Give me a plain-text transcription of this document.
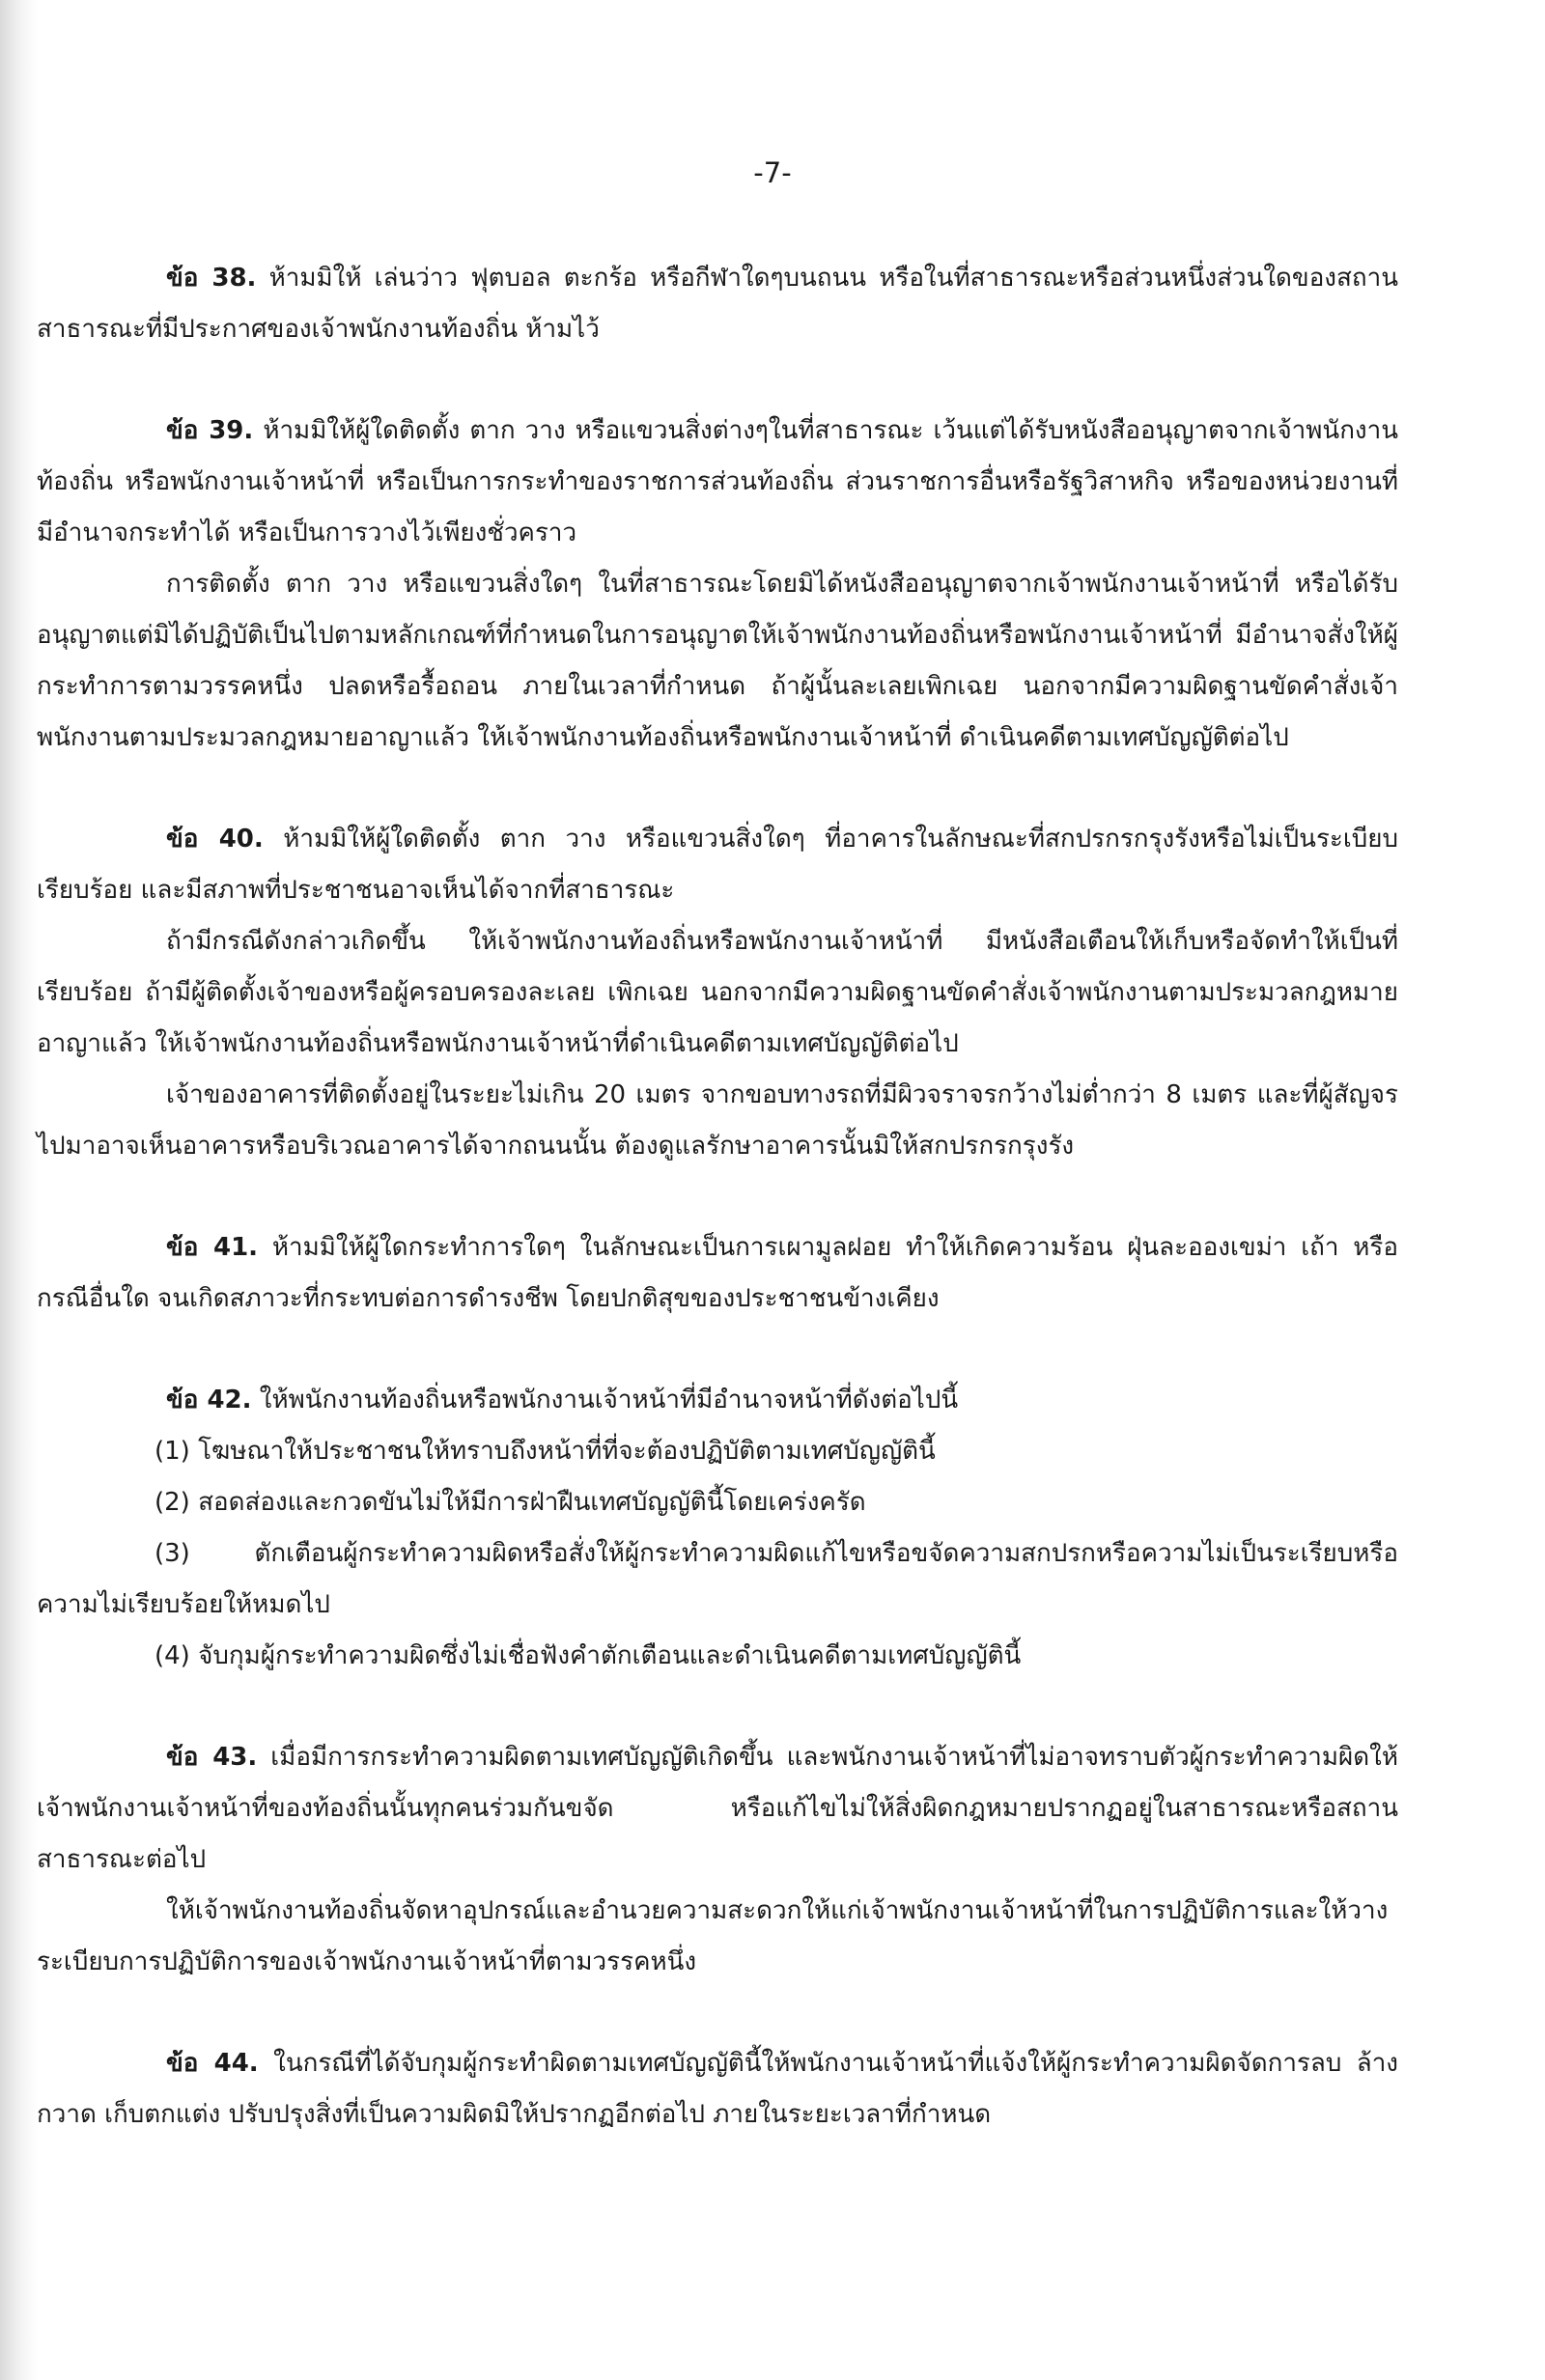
-7-

ข้อ 38. ห้ามมิให้ เล่นว่าว ฟุตบอล ตะกร้อ หรือกีฬาใดๆบนถนน หรือในที่สาธารณะหรือส่วนหนึ่งส่วนใดของสถานสาธารณะที่มีประกาศของเจ้าพนักงานท้องถิ่น ห้ามไว้

ข้อ 39. ห้ามมิให้ผู้ใดติดตั้ง ตาก วาง หรือแขวนสิ่งต่างๆในที่สาธารณะ เว้นแต่ได้รับหนังสืออนุญาตจากเจ้าพนักงานท้องถิ่น หรือพนักงานเจ้าหน้าที่ หรือเป็นการกระทำของราชการส่วนท้องถิ่น ส่วนราชการอื่นหรือรัฐวิสาหกิจ หรือของหน่วยงานที่มีอำนาจกระทำได้ หรือเป็นการวางไว้เพียงชั่วคราว

การติดตั้ง ตาก วาง หรือแขวนสิ่งใดๆ ในที่สาธารณะโดยมิได้หนังสืออนุญาตจากเจ้าพนักงานเจ้าหน้าที่ หรือได้รับอนุญาตแต่มิได้ปฏิบัติเป็นไปตามหลักเกณฑ์ที่กำหนดในการอนุญาตให้เจ้าพนักงานท้องถิ่นหรือพนักงานเจ้าหน้าที่ มีอำนาจสั่งให้ผู้กระทำการตามวรรคหนึ่ง ปลดหรือรื้อถอน ภายในเวลาที่กำหนด ถ้าผู้นั้นละเลยเพิกเฉย นอกจากมีความผิดฐานขัดคำสั่งเจ้าพนักงานตามประมวลกฎหมายอาญาแล้ว ให้เจ้าพนักงานท้องถิ่นหรือพนักงานเจ้าหน้าที่ ดำเนินคดีตามเทศบัญญัติต่อไป

ข้อ 40. ห้ามมิให้ผู้ใดติดตั้ง ตาก วาง หรือแขวนสิ่งใดๆ ที่อาคารในลักษณะที่สกปรกรกรุงรังหรือไม่เป็นระเบียบเรียบร้อย และมีสภาพที่ประชาชนอาจเห็นได้จากที่สาธารณะ

ถ้ามีกรณีดังกล่าวเกิดขึ้น ให้เจ้าพนักงานท้องถิ่นหรือพนักงานเจ้าหน้าที่ มีหนังสือเตือนให้เก็บหรือจัดทำให้เป็นที่เรียบร้อย ถ้ามีผู้ติดตั้งเจ้าของหรือผู้ครอบครองละเลย เพิกเฉย นอกจากมีความผิดฐานขัดคำสั่งเจ้าพนักงานตามประมวลกฎหมายอาญาแล้ว ให้เจ้าพนักงานท้องถิ่นหรือพนักงานเจ้าหน้าที่ดำเนินคดีตามเทศบัญญัติต่อไป

เจ้าของอาคารที่ติดตั้งอยู่ในระยะไม่เกิน 20 เมตร จากขอบทางรถที่มีผิวจราจรกว้างไม่ต่ำกว่า 8 เมตร และที่ผู้สัญจรไปมาอาจเห็นอาคารหรือบริเวณอาคารได้จากถนนนั้น ต้องดูแลรักษาอาคารนั้นมิให้สกปรกรกรุงรัง

ข้อ 41. ห้ามมิให้ผู้ใดกระทำการใดๆ ในลักษณะเป็นการเผามูลฝอย ทำให้เกิดความร้อน ฝุ่นละอองเขม่า เถ้า หรือกรณีอื่นใด จนเกิดสภาวะที่กระทบต่อการดำรงชีพ โดยปกติสุขของประชาชนข้างเคียง

ข้อ 42. ให้พนักงานท้องถิ่นหรือพนักงานเจ้าหน้าที่มีอำนาจหน้าที่ดังต่อไปนี้

(1) โฆษณาให้ประชาชนให้ทราบถึงหน้าที่ที่จะต้องปฏิบัติตามเทศบัญญัตินี้

(2) สอดส่องและกวดขันไม่ให้มีการฝ่าฝืนเทศบัญญัตินี้โดยเคร่งครัด

(3) ตักเตือนผู้กระทำความผิดหรือสั่งให้ผู้กระทำความผิดแก้ไขหรือขจัดความสกปรกหรือความไม่เป็นระเรียบหรือความไม่เรียบร้อยให้หมดไป

(4) จับกุมผู้กระทำความผิดซึ่งไม่เชื่อฟังคำตักเตือนและดำเนินคดีตามเทศบัญญัตินี้

ข้อ 43. เมื่อมีการกระทำความผิดตามเทศบัญญัติเกิดขึ้น และพนักงานเจ้าหน้าที่ไม่อาจทราบตัวผู้กระทำความผิดให้เจ้าพนักงานเจ้าหน้าที่ของท้องถิ่นนั้นทุกคนร่วมกันขจัด หรือแก้ไขไม่ให้สิ่งผิดกฎหมายปรากฏอยู่ในสาธารณะหรือสถานสาธารณะต่อไป

ให้เจ้าพนักงานท้องถิ่นจัดหาอุปกรณ์และอำนวยความสะดวกให้แก่เจ้าพนักงานเจ้าหน้าที่ในการปฏิบัติการและให้วางระเบียบการปฏิบัติการของเจ้าพนักงานเจ้าหน้าที่ตามวรรคหนึ่ง

ข้อ 44. ในกรณีที่ได้จับกุมผู้กระทำผิดตามเทศบัญญัตินี้ให้พนักงานเจ้าหน้าที่แจ้งให้ผู้กระทำความผิดจัดการลบ ล้าง กวาด เก็บตกแต่ง ปรับปรุงสิ่งที่เป็นความผิดมิให้ปรากฏอีกต่อไป ภายในระยะเวลาที่กำหนด
